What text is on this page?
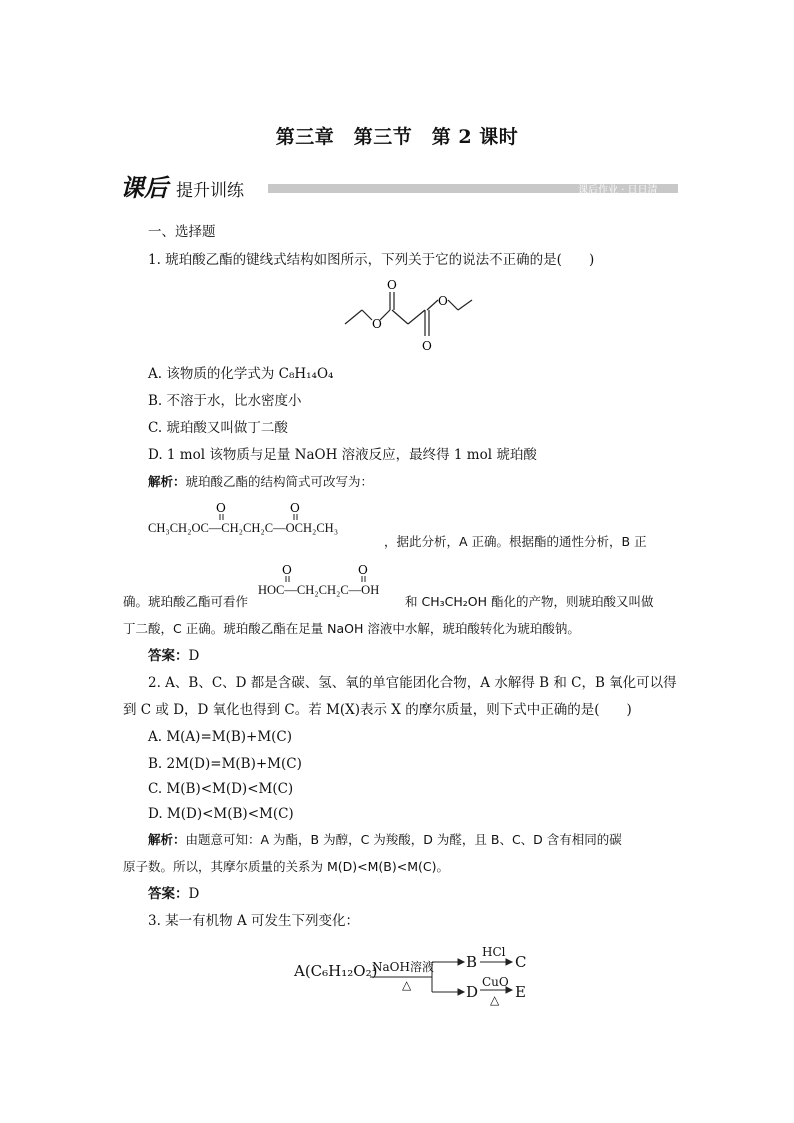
第三章　第三节　第 2 课时
课后 提升训练	课后作业 · 日日清
一、选择题
1. 琥珀酸乙酯的键线式结构如图所示，下列关于它的说法不正确的是(　　)
O
O
O
O
A. 该物质的化学式为 C₈H₁₄O₄
B. 不溶于水，比水密度小
C. 琥珀酸又叫做丁二酸
D. 1 mol 该物质与足量 NaOH 溶液反应，最终得 1 mol 琥珀酸
解析：琥珀酸乙酯的结构简式可改写为：
O	O
CH₃CH₂OC—CH₂CH₂C—OCH₂CH₃
，据此分析，A 正确。根据酯的通性分析，B 正
确。琥珀酸乙酯可看作
O	O
HOC—CH₂CH₂C—OH
和 CH₃CH₂OH 酯化的产物，则琥珀酸又叫做
丁二酸，C 正确。琥珀酸乙酯在足量 NaOH 溶液中水解，琥珀酸转化为琥珀酸钠。
答案：D
2. A、B、C、D 都是含碳、氢、氧的单官能团化合物，A 水解得 B 和 C，B 氧化可以得
到 C 或 D，D 氧化也得到 C。若 M(X)表示 X 的摩尔质量，则下式中正确的是(　　)
A. M(A)=M(B)+M(C)
B. 2M(D)=M(B)+M(C)
C. M(B)<M(D)<M(C)
D. M(D)<M(B)<M(C)
解析：由题意可知：A 为酯，B 为醇，C 为羧酸，D 为醛，且 B、C、D 含有相同的碳
原子数。所以，其摩尔质量的关系为 M(D)<M(B)<M(C)。
答案：D
3. 某一有机物 A 可发生下列变化：
A(C₆H₁₂O₂)
NaOH溶液
△
B
HCl
C
D
CuO
△ E
